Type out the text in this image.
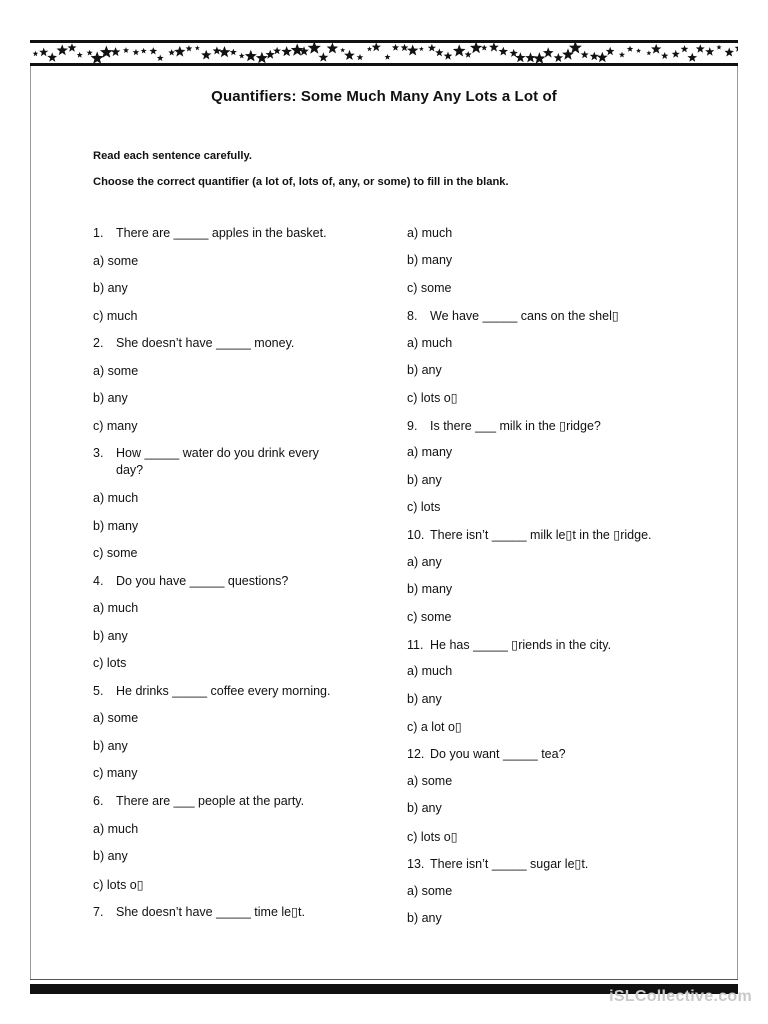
Quantifiers: Some Much Many Any Lots a Lot of

Read each sentence carefully.

Choose the correct quantifier (a lot of, lots of, any, or some) to fill in the blank.

1. There are _____ apples in the basket.
a) some
b) any
c) much
2. She doesn’t have _____ money.
a) some
b) any
c) many
3. How _____ water do you drink every
day?
a) much
b) many
c) some
4. Do you have _____ questions?
a) much
b) any
c) lots
5. He drinks _____ coffee every morning.
a) some
b) any
c) many
6. There are ___ people at the party.
a) much
b) any
c) lots o▯
7. She doesn’t have _____ time le▯t.
a) much
b) many
c) some
8. We have _____ cans on the shel▯
a) much
b) any
c) lots o▯
9. Is there ___ milk in the ▯ridge?
a) many
b) any
c) lots
10. There isn’t _____ milk le▯t in the ▯ridge.
a) any
b) many
c) some
11. He has _____ ▯riends in the city.
a) much
b) any
c) a lot o▯
12. Do you want _____ tea?
a) some
b) any
c) lots o▯
13. There isn’t _____ sugar le▯t.
a) some
b) any
iSLCollective.com
